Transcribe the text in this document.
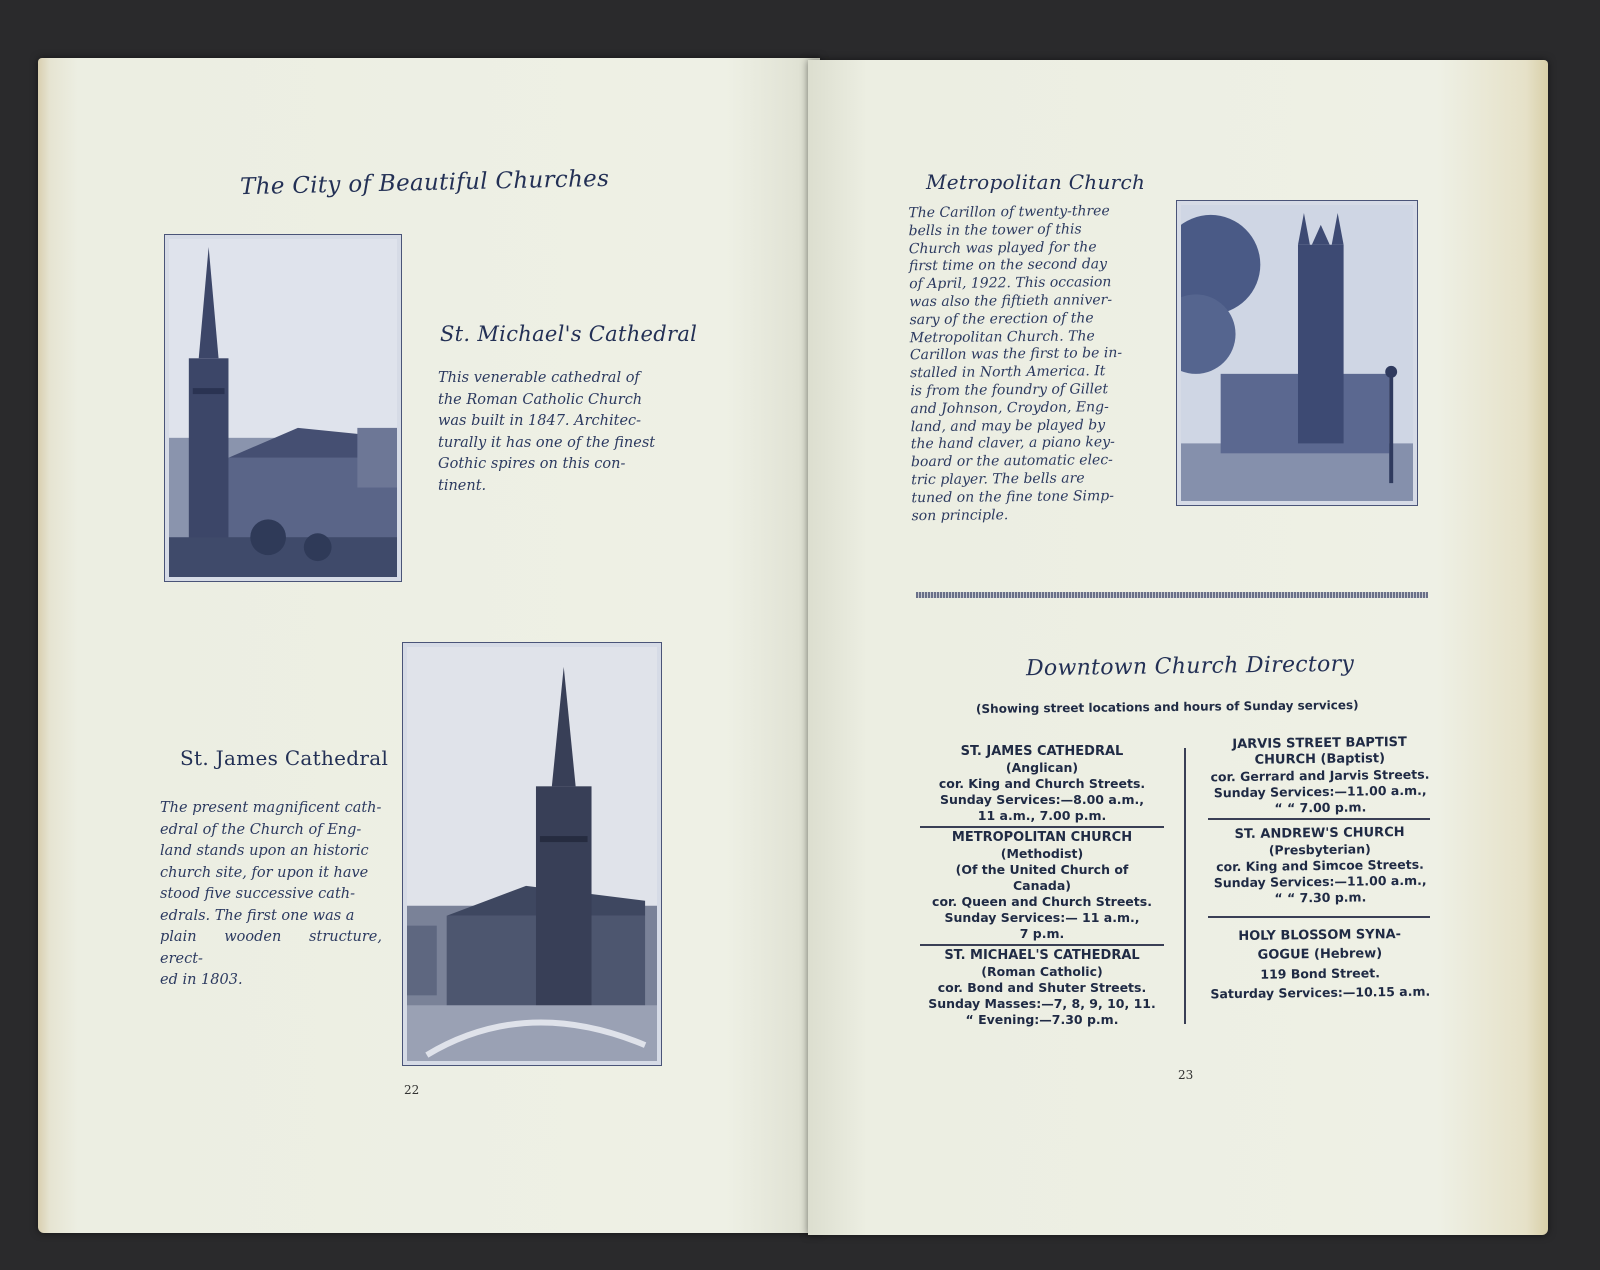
The City of Beautiful Churches
St. Michael's Cathedral
This venerable cathedral of
the Roman Catholic Church
was built in 1847. Architec-
turally it has one of the finest
Gothic spires on this con-
tinent.
St. James Cathedral
The present magnificent cath-
edral of the Church of Eng-
land stands upon an historic
church site, for upon it have
stood five successive cath-
edrals. The first one was a
plain wooden structure, erect-
ed in 1803.
22
Metropolitan Church
The Carillon of twenty-three
bells in the tower of this
Church was played for the
first time on the second day
of April, 1922. This occasion
was also the fiftieth anniver-
sary of the erection of the
Metropolitan Church. The
Carillon was the first to be in-
stalled in North America. It
is from the foundry of Gillet
and Johnson, Croydon, Eng-
land, and may be played by
the hand claver, a piano key-
board or the automatic elec-
tric player. The bells are
tuned on the fine tone Simp-
son principle.
Downtown Church Directory
(Showing street locations and hours of Sunday services)
ST. JAMES CATHEDRAL
(Anglican)
cor. King and Church Streets.
Sunday Services:—8.00 a.m.,
11 a.m., 7.00 p.m.
METROPOLITAN CHURCH
(Methodist)
(Of the United Church of
Canada)
cor. Queen and Church Streets.
Sunday Services:— 11 a.m.,
7 p.m.
ST. MICHAEL'S CATHEDRAL
(Roman Catholic)
cor. Bond and Shuter Streets.
Sunday Masses:—7, 8, 9, 10, 11.
“ Evening:—7.30 p.m.
JARVIS STREET BAPTIST
CHURCH (Baptist)
cor. Gerrard and Jarvis Streets.
Sunday Services:—11.00 a.m.,
“ “ 7.00 p.m.
ST. ANDREW'S CHURCH
(Presbyterian)
cor. King and Simcoe Streets.
Sunday Services:—11.00 a.m.,
“ “ 7.30 p.m.
HOLY BLOSSOM SYNA-
GOGUE (Hebrew)
119 Bond Street.
Saturday Services:—10.15 a.m.
23
